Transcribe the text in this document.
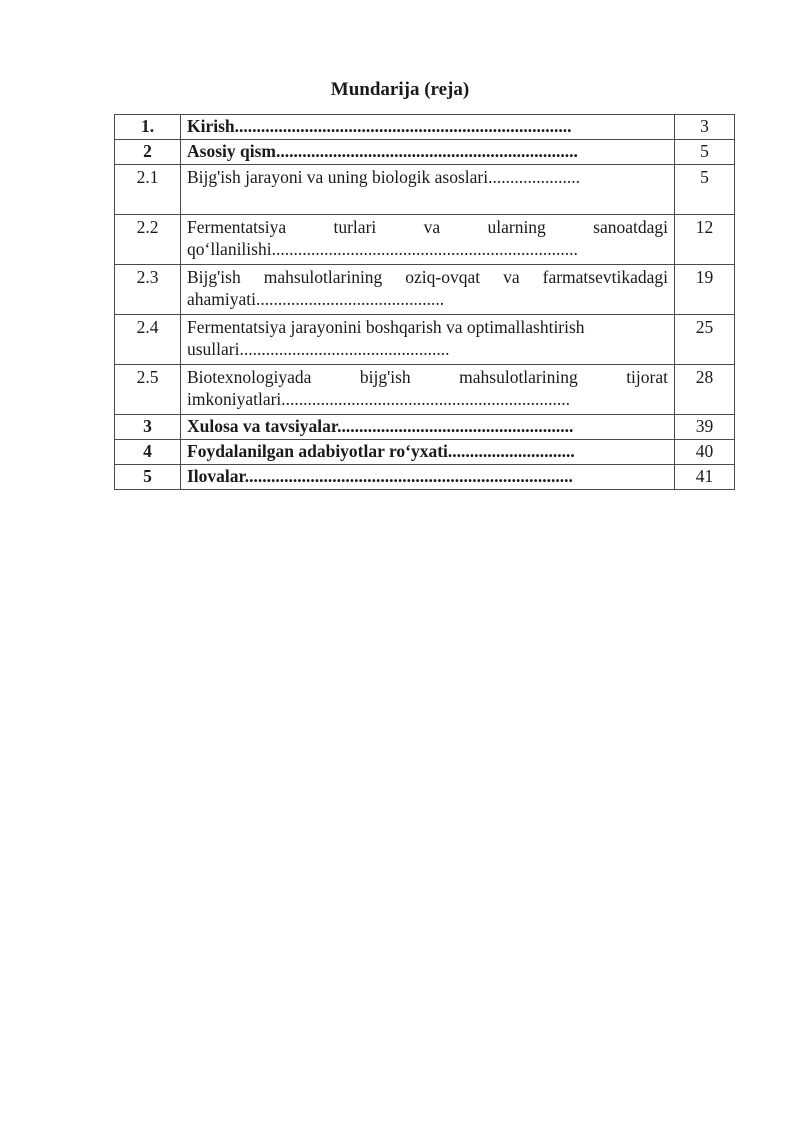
Mundarija (reja)
1.	Kirish.............................................................................	3
2	Asosiy qism.....................................................................	5
2.1	Bijg'ish jarayoni va uning biologik asoslari.....................	5
2.2	Fermentatsiya turlari va ularning sanoatdagi qo‘llanilishi......................................................................	12
2.3	Bijg'ish mahsulotlarining oziq-ovqat va farmatsevtikadagi ahamiyati...........................................	19
2.4	Fermentatsiya jarayonini boshqarish va optimallashtirish usullari................................................	25
2.5	Biotexnologiyada bijg'ish mahsulotlarining tijorat imkoniyatlari..................................................................	28
3	Xulosa va tavsiyalar......................................................	39
4	Foydalanilgan adabiyotlar ro‘yxati.............................	40
5	Ilovalar...........................................................................	41
